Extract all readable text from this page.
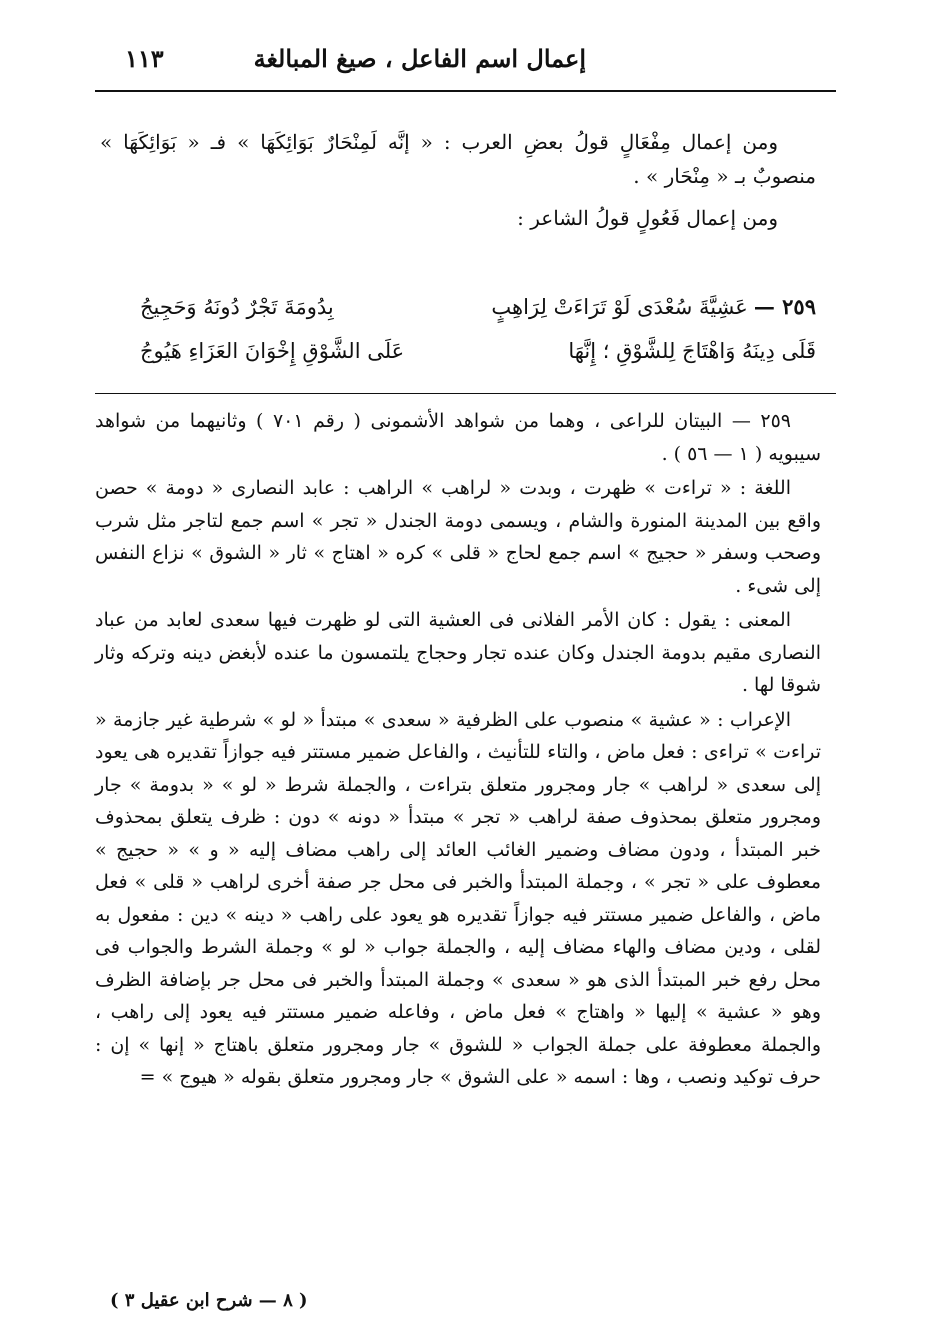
إعمال اسم الفاعل ، صيغ المبالغة
١١٣

ومن إعمال مِفْعَالٍ قولُ بعضِ العرب : « إنَّه لَمِنْحَارٌ بَوَائِكَهَا » فـ « بَوَائِكَهَا » منصوبٌ بـ « مِنْحَار » .

ومن إعمال فَعُولٍ قولُ الشاعر :

٢٥٩ —عَشِيَّةَ سُعْدَى لَوْ تَرَاءَتْ لِرَاهِبٍ
بِدُومَةَ تَجْرٌ دُونَهُ وَحَجِيجُ
قَلَى دِينَهُ وَاهْتَاجَ لِلشَّوْقِ ؛ إِنَّهَا
عَلَى الشَّوْقِ إِخْوَانَ العَزَاءِ هَيُوجُ

٢٥٩ — البيتان للراعى ، وهما من شواهد الأشمونى ( رقم ٧٠١ ) وثانيهما من شواهد سيبويه ( ١ — ٥٦ ) .

اللغة : « تراءت » ظهرت ، وبدت « لراهب » الراهب : عابد النصارى « دومة » حصن واقع بين المدينة المنورة والشام ، ويسمى دومة الجندل « تجر » اسم جمع لتاجر مثل شرب وصحب وسفر « حجيج » اسم جمع لحاج « قلى » كره « اهتاج » ثار « الشوق » نزاع النفس إلى شىء .

المعنى : يقول : كان الأمر الفلانى فى العشية التى لو ظهرت فيها سعدى لعابد من عباد النصارى مقيم بدومة الجندل وكان عنده تجار وحجاج يلتمسون ما عنده لأبغض دينه وتركه وثار شوقا لها .

الإعراب : « عشية » منصوب على الظرفية « سعدى » مبتدأ « لو » شرطية غير جازمة « تراءت » تراءى : فعل ماض ، والتاء للتأنيث ، والفاعل ضمير مستتر فيه جوازاً تقديره هى يعود إلى سعدى « لراهب » جار ومجرور متعلق بتراءت ، والجملة شرط « لو » « بدومة » جار ومجرور متعلق بمحذوف صفة لراهب « تجر » مبتدأ « دونه » دون : ظرف يتعلق بمحذوف خبر المبتدأ ، ودون مضاف وضمير الغائب العائد إلى راهب مضاف إليه « و » « حجيج » معطوف على « تجر » ، وجملة المبتدأ والخبر فى محل جر صفة أخرى لراهب « قلى » فعل ماض ، والفاعل ضمير مستتر فيه جوازاً تقديره هو يعود على راهب « دينه » دين : مفعول به لقلى ، ودين مضاف والهاء مضاف إليه ، والجملة جواب « لو » وجملة الشرط والجواب فى محل رفع خبر المبتدأ الذى هو « سعدى » وجملة المبتدأ والخبر فى محل جر بإضافة الظرف وهو « عشية » إليها « واهتاج » فعل ماض ، وفاعله ضمير مستتر فيه يعود إلى راهب ، والجملة معطوفة على جملة الجواب « للشوق » جار ومجرور متعلق باهتاج « إنها » إن : حرف توكيد ونصب ، وها : اسمه « على الشوق » جار ومجرور متعلق بقوله « هيوج » =

( ٨ — شرح ابن عقيل ٣ )
